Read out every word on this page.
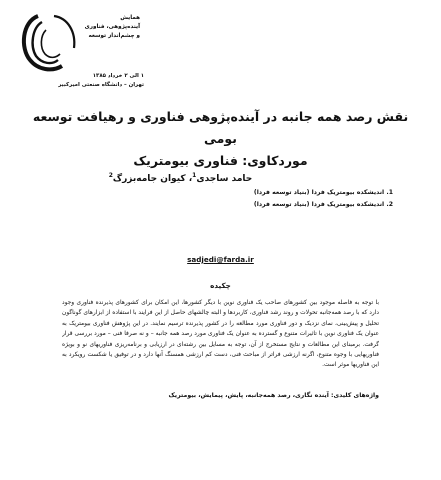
همایش
آینده‌پژوهی، فناوری
و چشم‌انداز توسعه
۱ الی ۲ خرداد ۱۳۸۵
تهران – دانشگاه صنعتی امیرکبیر
نقش رصد همه جانبه در آینده‌پژوهی فناوری و رهیافت توسعه بومی
موردکاوی: فناوری بیومتریک
حامد ساجدی$^1$، کیوان جامه‌بزرگ$^2$
1. اندیشکده بیومتریک فردا (بنیاد توسعه فردا)
2. اندیشکده بیومتریک فردا (بنیاد توسعه فردا)
sadjedi@farda.ir
چکیده
با توجه به فاصله موجود بین کشورهای صاحب یک فناوری نوین با دیگر کشورها، این امکان برای کشورهای پذیرنده فناوری وجود دارد که با رصد همه‌جانبه تحولات و روند رشد فناوری، کاربردها و البته چالشهای حاصل از این فرایند با استفاده از ابزارهای گوناگون تحلیل و پیش‌بینی، نمای نزدیک و دور فناوری مورد مطالعه را در کشور پذیرنده ترسیم نمایند. در این پژوهش فناوری بیومتریک به عنوان یک فناوری نوین با تاثیرات متنوع و گسترده به عنوان یک فناوری مورد رصد همه جانبه – و نه صرفا فنی – مورد بررسی قرار گرفت. برمبنای این مطالعات و نتایج مستخرج از آن، توجه به مسایل بین رشته‌ای در ارزیابی و برنامه‌ریزی فناوریهای نو و بویژه فناوریهایی با وجوه متنوع، اگرنه ارزشی فراتر از مباحث فنی، دست کم ارزشی همسنگ آنها دارد و در توفیق یا شکست رویکرد به این فناوریها موثر است.
واژه‌های کلیدی: آینده نگاری، رصد همه‌جانبه، پایش، پیمایش، بیومتریک
